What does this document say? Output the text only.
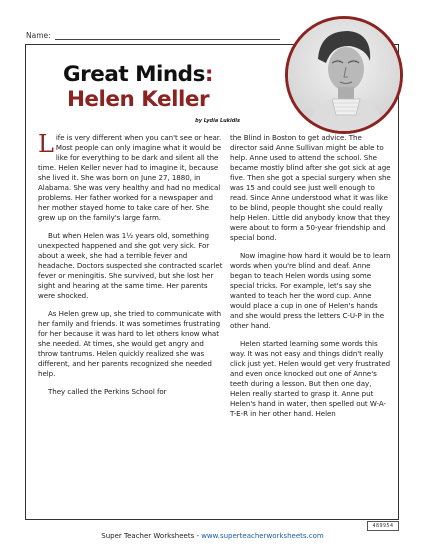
Name:
Great Minds:
Helen Keller
by Lydia Lukidis

Life is very different when you can't see or hear. Most people can only imagine what it would be like for everything to be dark and silent all the time. Helen Keller never had to imagine it, because she lived it. She was born on June 27, 1880, in Alabama. She was very healthy and had no medical problems. Her father worked for a newspaper and her mother stayed home to take care of her. She grew up on the family's large farm.

But when Helen was 1½ years old, something unexpected happened and she got very sick. For about a week, she had a terrible fever and headache. Doctors suspected she contracted scarlet fever or meningitis. She survived, but she lost her sight and hearing at the same time. Her parents were shocked.

As Helen grew up, she tried to communicate with her family and friends. It was sometimes frustrating for her because it was hard to let others know what she needed. At times, she would get angry and throw tantrums. Helen quickly realized she was different, and her parents recognized she needed help.

They called the Perkins School for

the Blind in Boston to get advice. The director said Anne Sullivan might be able to help. Anne used to attend the school. She became mostly blind after she got sick at age five. Then she got a special surgery when she was 15 and could see just well enough to read. Since Anne understood what it was like to be blind, people thought she could really help Helen. Little did anybody know that they were about to form a 50-year friendship and special bond.

Now imagine how hard it would be to learn words when you're blind and deaf. Anne began to teach Helen words using some special tricks. For example, let's say she wanted to teach her the word cup. Anne would place a cup in one of Helen's hands and she would press the letters C-U-P in the other hand.

Helen started learning some words this way. It was not easy and things didn't really click just yet. Helen would get very frustrated and even once knocked out one of Anne's teeth during a lesson. But then one day, Helen really started to grasp it. Anne put Helen's hand in water, then spelled out W-A-T-E-R in her other hand. Helen

489954
Super Teacher Worksheets - www.superteacherworksheets.com
